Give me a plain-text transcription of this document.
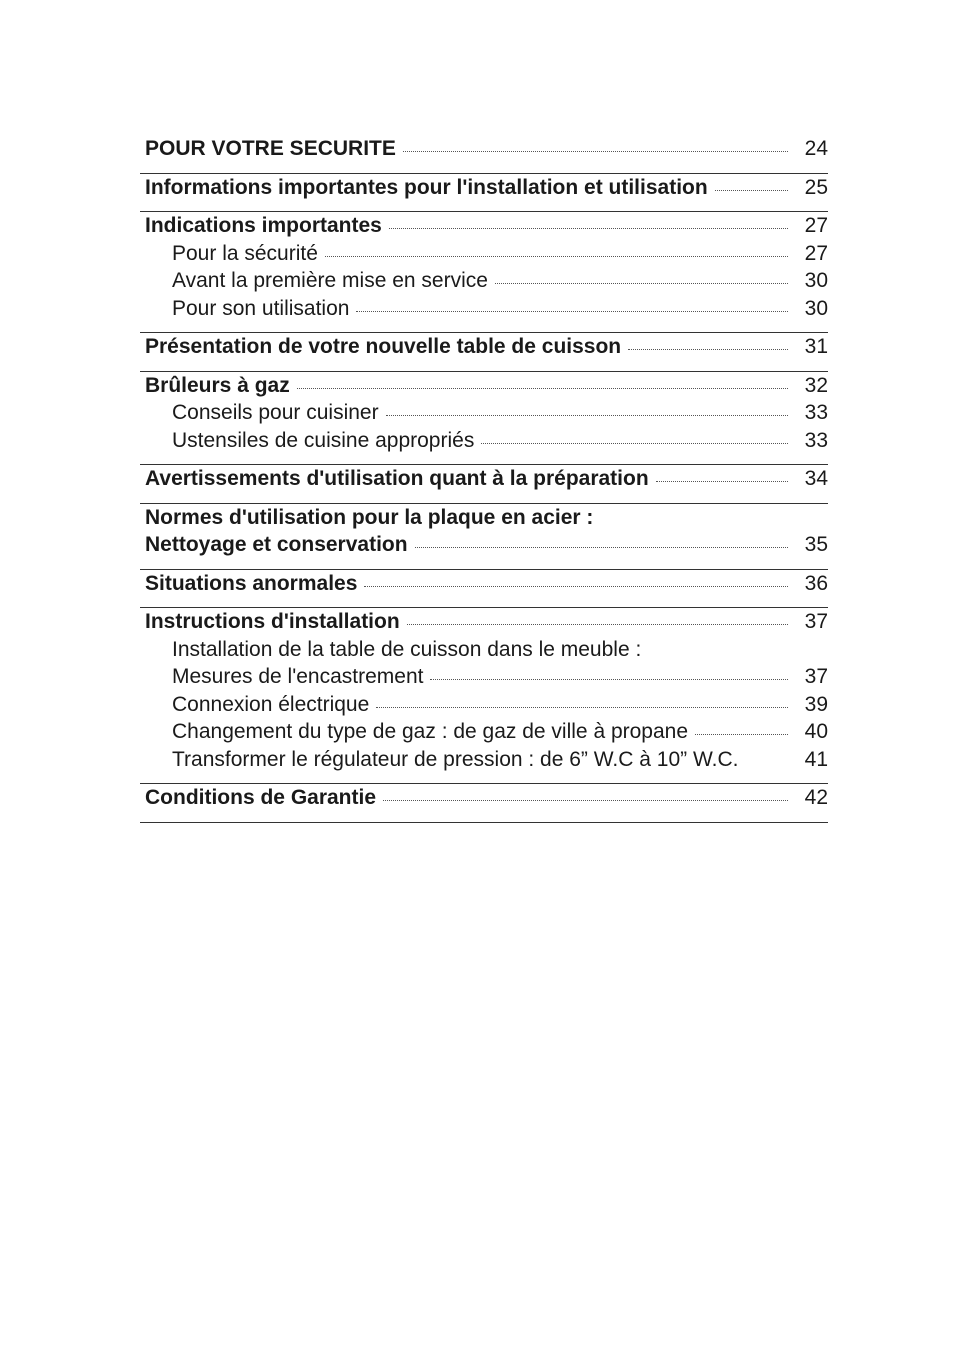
POUR VOTRE SECURITE	24
Informations importantes pour l'installation et utilisation	25
Indications importantes	27
Pour la sécurité	27
Avant la première mise en service	30
Pour son utilisation	30
Présentation de votre nouvelle table de cuisson	31
Brûleurs à gaz	32
Conseils pour cuisiner	33
Ustensiles de cuisine appropriés	33
Avertissements d'utilisation quant à la préparation	34
Normes d'utilisation pour la plaque en acier :
Nettoyage et conservation	35
Situations anormales	36
Instructions d'installation	37
Installation de la table de cuisson dans le meuble :
Mesures de l'encastrement	37
Connexion électrique	39
Changement du type de gaz : de gaz de ville à propane	40
Transformer le régulateur de pression : de 6” W.C à 10” W.C.	41
Conditions de Garantie	42
